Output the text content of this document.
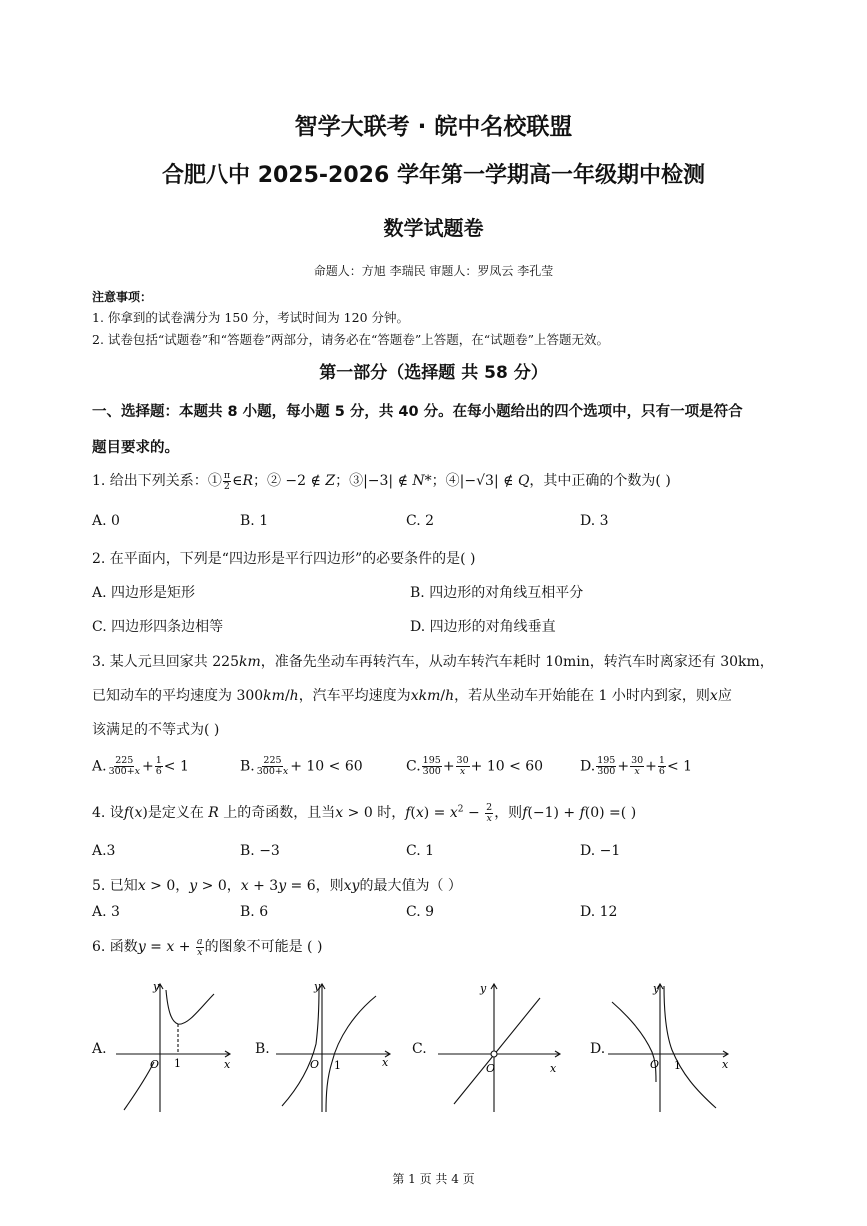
智学大联考 · 皖中名校联盟
合肥八中 2025-2026 学年第一学期高一年级期中检测
数学试题卷
命题人：方旭 李瑞民 审题人：罗凤云 李孔莹
注意事项：
1. 你拿到的试卷满分为 150 分，考试时间为 120 分钟。
2. 试卷包括“试题卷”和“答题卷”两部分，请务必在“答题卷”上答题，在“试题卷”上答题无效。
第一部分（选择题 共 58 分）
一、选择题：本题共 8 小题，每小题 5 分，共 40 分。在每小题给出的四个选项中，只有一项是符合
题目要求的。
1. 给出下列关系：① $\frac{\pi}{2}$ ∈R；② −2 ∉ Z；③|−3| ∉ N*；④|−√3| ∉ Q，其中正确的个数为( )
A. 0	B. 1	C. 2	D. 3
2. 在平面内，下列是“四边形是平行四边形”的必要条件的是( )
A. 四边形是矩形	B. 四边形的对角线互相平分
C. 四边形四条边相等	D. 四边形的对角线垂直
3. 某人元旦回家共 225km，准备先坐动车再转汽车，从动车转汽车耗时 10min，转汽车时离家还有 30km，
已知动车的平均速度为 300km/h，汽车平均速度为xkm/h，若从坐动车开始能在 1 小时内到家，则x应
该满足的不等式为( )
A. $\frac{225}{300+x} + \frac{1}{6} < 1$	B. $\frac{225}{300+x} + 10 < 60$	C. $\frac{195}{300} + \frac{30}{x} + 10 < 60$	D. $\frac{195}{300} + \frac{30}{x} + \frac{1}{6} < 1$
4. 设f(x)是定义在 R 上的奇函数，且当x > 0 时，$f(x) = x^2 - \frac{2}{x}$ ，则f(−1) + f(0) =( )
A.3	B. −3	C. 1	D. −1
5. 已知x > 0，y > 0，x + 3y = 6，则xy的最大值为（ ）
A. 3	B. 6	C. 9	D. 12
6. 函数$y = x + \frac{a}{x}$ 的图象不可能是 ( )
A.	B.	C.	D.
O 1	x
y
O 1	x
y
O	x
y
O 1	x
y
第 1 页 共 4 页
